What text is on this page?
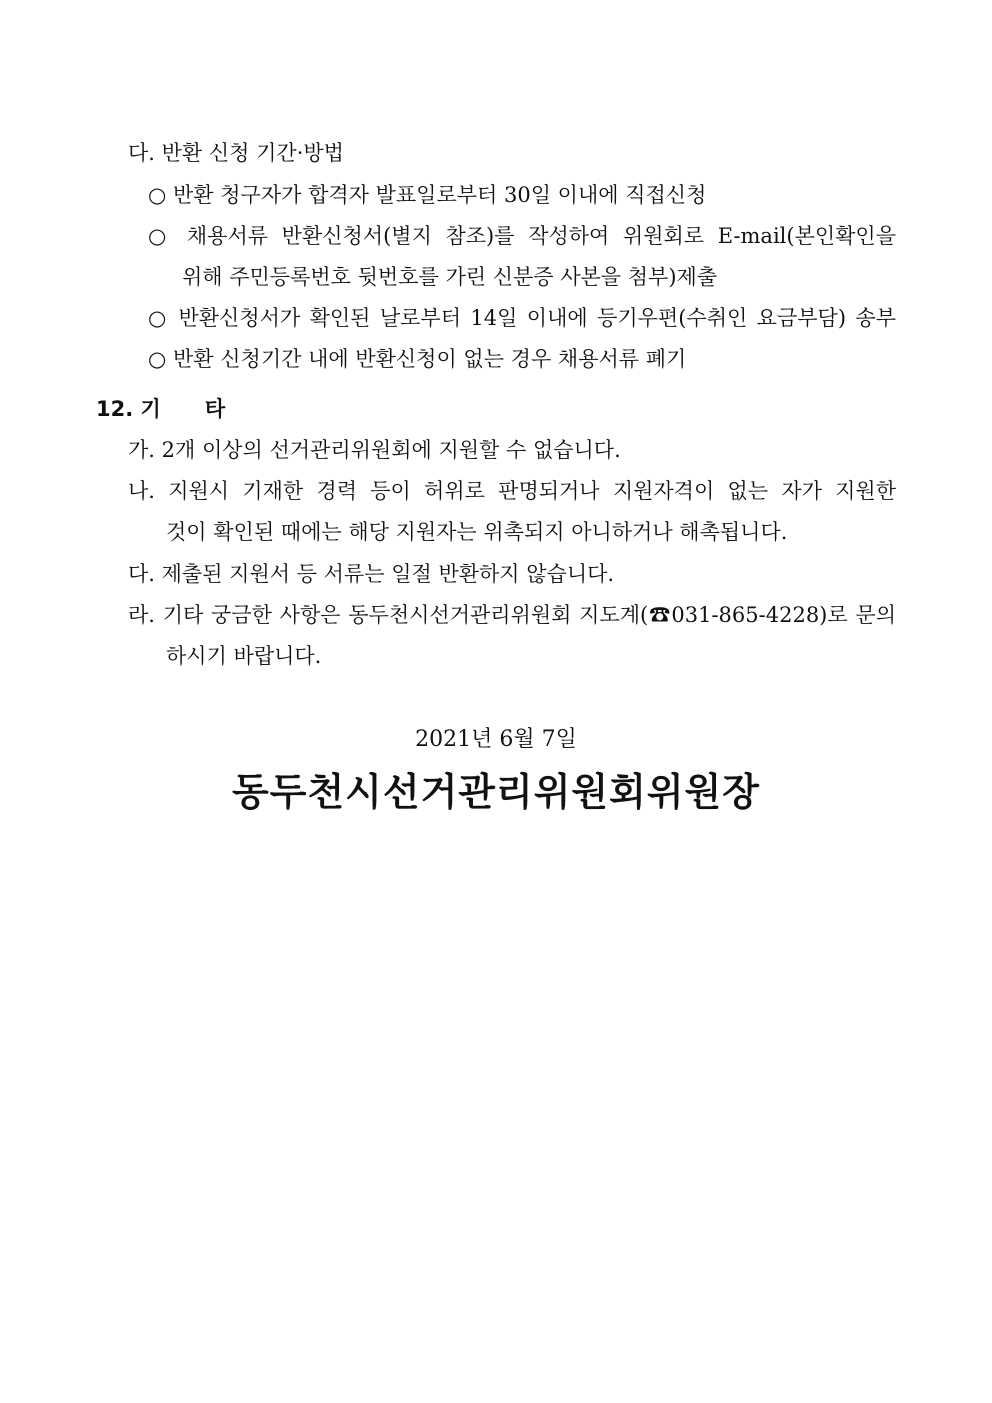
다. 반환 신청 기간·방법
○ 반환 청구자가 합격자 발표일로부터 30일 이내에 직접신청
○ 채용서류 반환신청서(별지 참조)를 작성하여 위원회로 E-mail(본인확인을
위해 주민등록번호 뒷번호를 가린 신분증 사본을 첨부)제출
○ 반환신청서가 확인된 날로부터 14일 이내에 등기우편(수취인 요금부담) 송부
○ 반환 신청기간 내에 반환신청이 없는 경우 채용서류 폐기
12. 기 타
가. 2개 이상의 선거관리위원회에 지원할 수 없습니다.
나. 지원시 기재한 경력 등이 허위로 판명되거나 지원자격이 없는 자가 지원한
것이 확인된 때에는 해당 지원자는 위촉되지 아니하거나 해촉됩니다.
다. 제출된 지원서 등 서류는 일절 반환하지 않습니다.
라. 기타 궁금한 사항은 동두천시선거관리위원회 지도계(☎031-865-4228)로 문의
하시기 바랍니다.
2021년 6월 7일
동두천시선거관리위원회위원장
